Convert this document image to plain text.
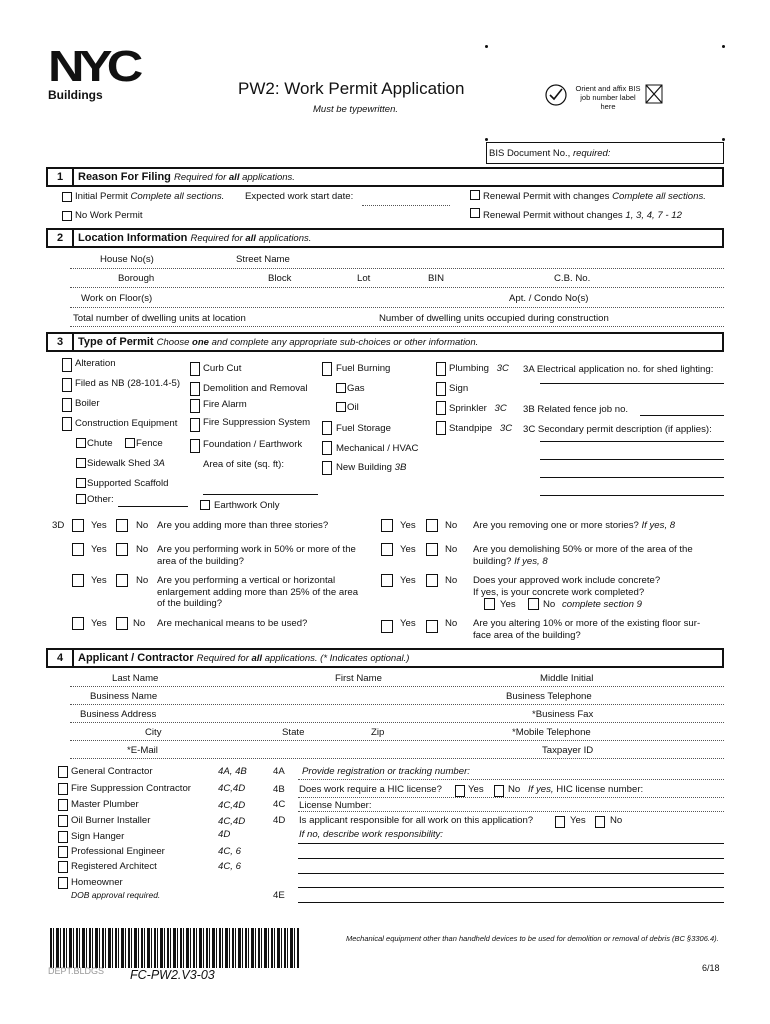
NYC
Buildings	PW2: Work Permit Application
Must be typewritten.
Orient and affix BIS job number label here
BIS Document No., required:
1	Reason For Filing Required for all applications.
Initial Permit Complete all sections. Expected work start date:	Renewal Permit with changes Complete all sections.
No Work Permit	Renewal Permit without changes 1, 3, 4, 7 - 12
2	Location Information Required for all applications.
House No(s)	Street Name
Borough	Block	Lot	BIN	C.B. No.
Work on Floor(s)	Apt. / Condo No(s)
Total number of dwelling units at location	Number of dwelling units occupied during construction
3	Type of Permit Choose one and complete any appropriate sub-choices or other information.
Alteration
Filed as NB (28-101.4-5)
Boiler
Construction Equipment
Chute Fence
Sidewalk Shed 3A
Supported Scaffold
Other:
Curb Cut
Demolition and Removal
Fire Alarm
Fire Suppression System
Foundation / Earthwork
Area of site (sq. ft):
Earthwork Only
Fuel Burning
Gas
Oil
Fuel Storage
Mechanical / HVAC
New Building 3B
Plumbing 3C
Sign
Sprinkler 3C
Standpipe 3C
3A Electrical application no. for shed lighting:
3B Related fence job no.
3C Secondary permit description (if applies):
3D	Yes	No Are you adding more than three stories?
Yes	No Are you performing work in 50% or more of the
area of the building?
Yes	No Are you performing a vertical or horizontal
enlargement adding more than 25% of the area
of the building?
Yes	No Are mechanical means to be used?
Yes	No Are you removing one or more stories? If yes, 8
Yes	No Are you demolishing 50% or more of the area of the
building? If yes, 8
Yes	No Does your approved work include concrete?
If yes, is your concrete work completed?
Yes	No complete section 9
Yes	No Are you altering 10% or more of the existing floor sur-
face area of the building?
4	Applicant / Contractor Required for all applications. (* Indicates optional.)
Last Name	First Name	Middle Initial
Business Name	Business Telephone
Business Address	*Business Fax
City	State	Zip	*Mobile Telephone
*E-Mail	Taxpayer ID
General Contractor	4A, 4B
Fire Suppression Contractor	4C,4D
Master Plumber	4C,4D
Oil Burner Installer	4C,4D
Sign Hanger	4D
Professional Engineer	4C, 6
Registered Architect	4C, 6
Homeowner
DOB approval required.
4A Provide registration or tracking number:
4B Does work require a HIC license?	Yes	No If yes, HIC license number:
4C License Number:
4D Is applicant responsible for all work on this application?	Yes	No
If no, describe work responsibility:
4E
DEPT.BLDGS FC-PW2.V3-03
Mechanical equipment other than handheld devices to be used for demolition or removal of debris (BC §3306.4).
6/18
